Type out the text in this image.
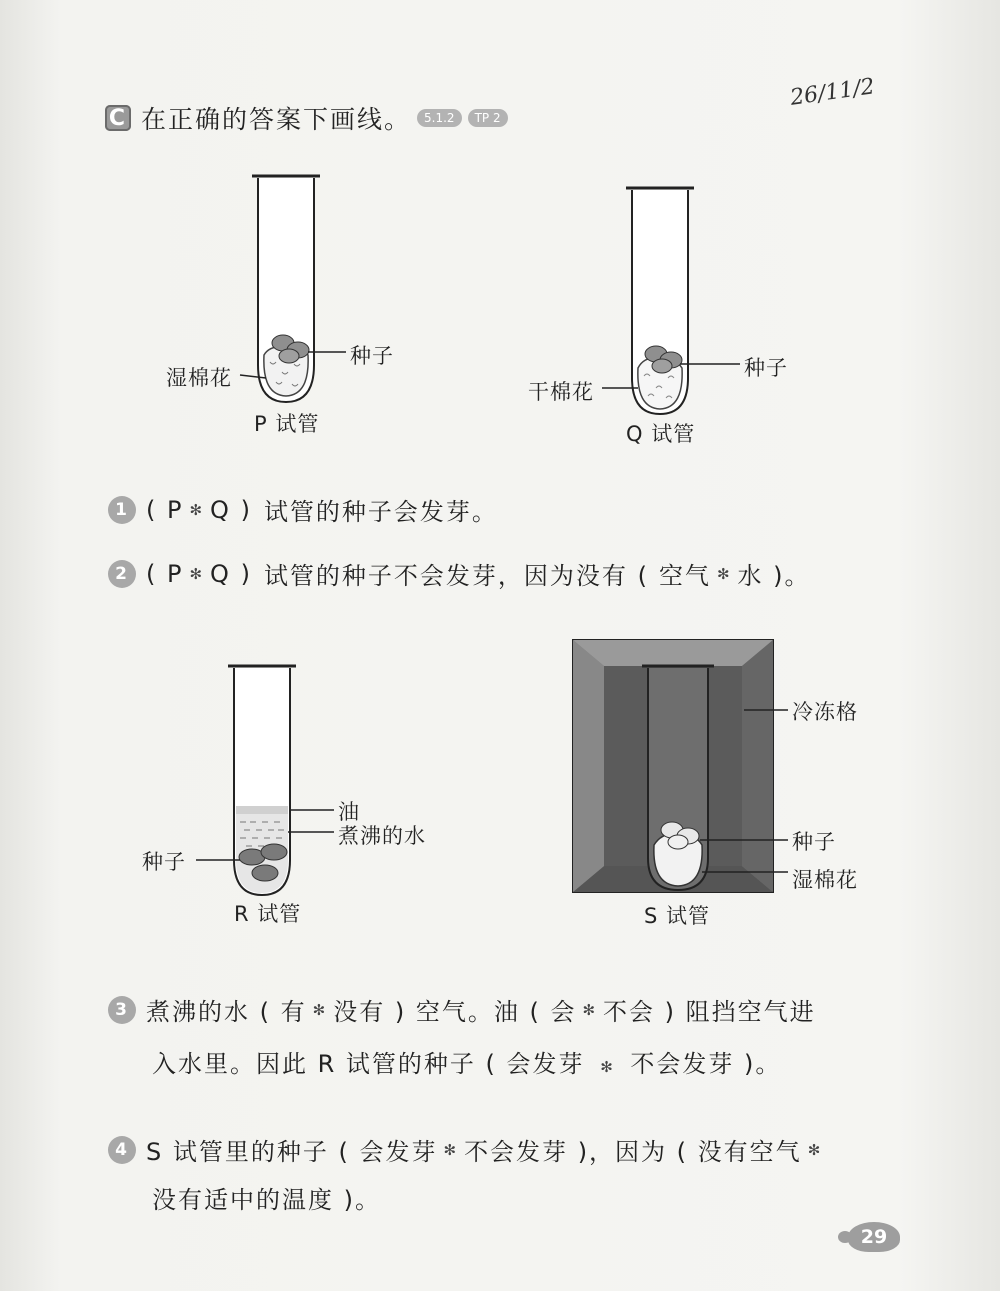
C 在正确的答案下画线。	5.1.2	TP 2
26/11/2
种子
湿棉花
P 试管
种子
干棉花
Q 试管
1 ( P ✻ Q ) 试管的种子会发芽。
2 ( P ✻ Q ) 试管的种子不会发芽，因为没有 ( 空气 ✻ 水 )。
油
煮沸的水
种子
R 试管
冷冻格
种子
湿棉花
S 试管
3 煮沸的水 ( 有 ✻ 没有 ) 空气。油 ( 会 ✻ 不会 ) 阻挡空气进
入水里。因此 R 试管的种子 ( 会发芽 ✻ 不会发芽 )。
4 S 试管里的种子 ( 会发芽 ✻ 不会发芽 )，因为 ( 没有空气 ✻
没有适中的温度 )。
29
